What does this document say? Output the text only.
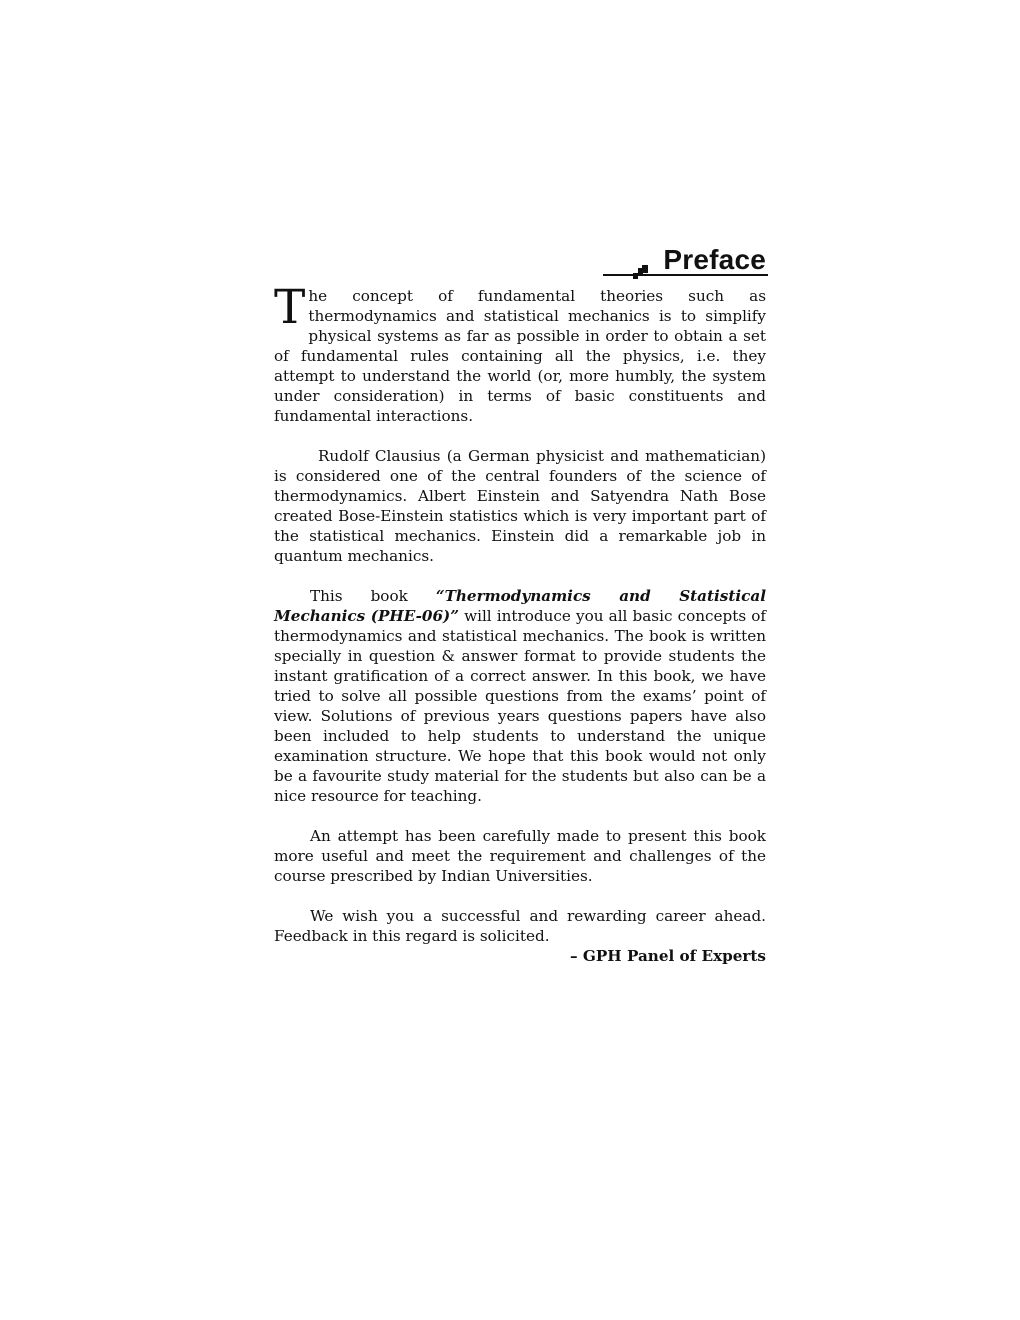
Preface

The concept of fundamental theories such as thermodynamics and statistical mechanics is to simplify physical systems as far as possible in order to obtain a set of fundamental rules containing all the physics, i.e. they attempt to understand the world (or, more humbly, the system under consideration) in terms of basic constituents and fundamental interactions.

Rudolf Clausius (a German physicist and mathematician) is considered one of the central founders of the science of thermodynamics. Albert Einstein and Satyendra Nath Bose created Bose-Einstein statistics which is very important part of the statistical mechanics. Einstein did a remarkable job in quantum mechanics.

This book “Thermodynamics and Statistical Mechanics (PHE-06)” will introduce you all basic concepts of thermodynamics and statistical mechanics. The book is written specially in question & answer format to provide students the instant gratification of a correct answer. In this book, we have tried to solve all possible questions from the exams’ point of view. Solutions of previous years questions papers have also been included to help students to understand the unique examination structure. We hope that this book would not only be a favourite study material for the students but also can be a nice resource for teaching.

An attempt has been carefully made to present this book more useful and meet the requirement and challenges of the course prescribed by Indian Universities.

We wish you a successful and rewarding career ahead. Feedback in this regard is solicited.

– GPH Panel of Experts
